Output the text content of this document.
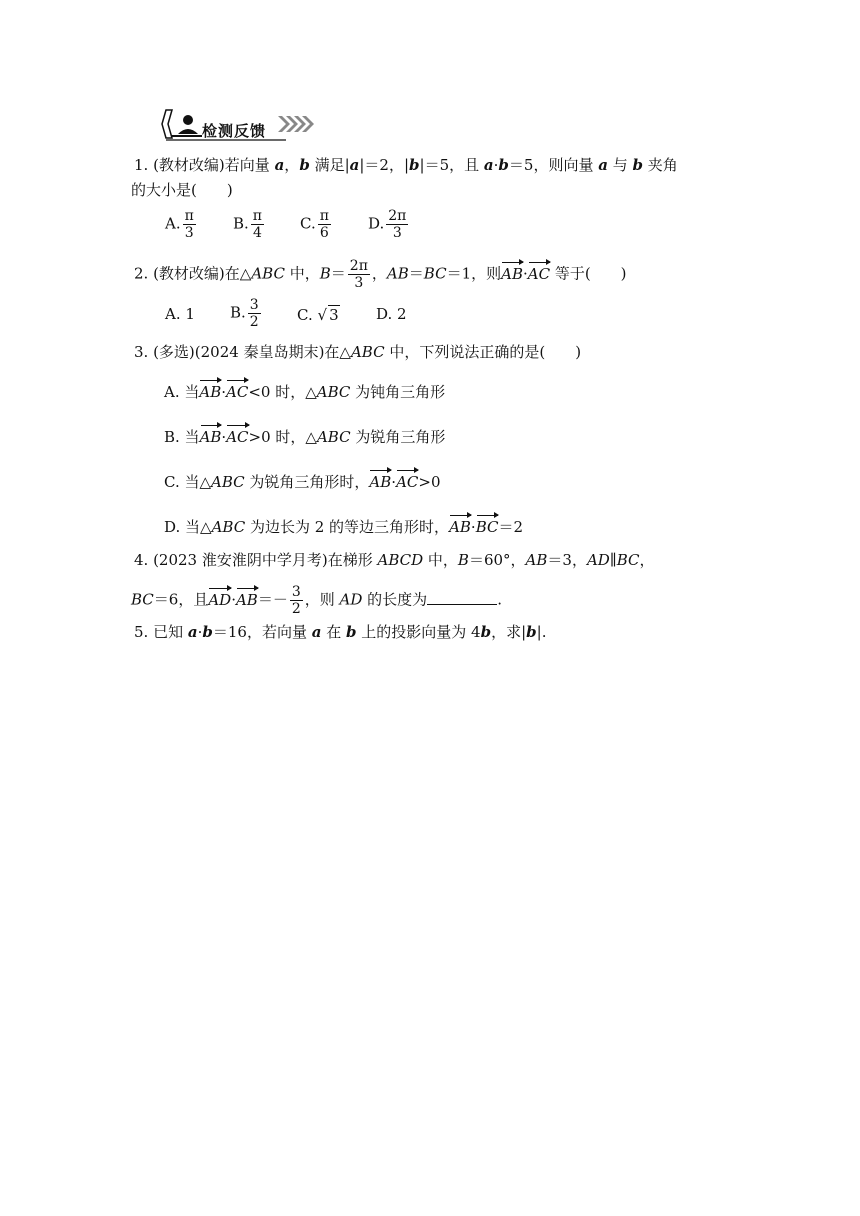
检测反馈
1. (教材改编)若向量 a，b 满足|a|＝2，|b|＝5，且 a·b＝5，则向量 a 与 b 夹角
的大小是(　　)
A. $\frac{\pi}{3} B$. $\frac{\pi}{4} C$. $\frac{\pi}{6} D$. $\frac{2\pi}{3}$
2. (教材改编)在△ABC 中，$B= \frac{2\pi}{3}$ ，AB＝BC＝1，则AB·AC 等于(　　)
A. 1 B. $\frac{3}{2} C$. √ 3 D. 2
3. (多选)(2024 秦皇岛期末)在△ABC 中，下列说法正确的是(　　)
A. 当AB·AC<0 时，△ABC 为钝角三角形
B. 当AB·AC>0 时，△ABC 为锐角三角形
C. 当△ABC 为锐角三角形时，AB·AC>0
D. 当△ABC 为边长为 2 的等边三角形时，AB·BC＝2
4. (2023 淮安淮阴中学月考)在梯形 ABCD 中，B＝60°，AB＝3，AD∥BC，
BC＝6，且$AD\cdot AB=- \frac{3}{2}$ ，则 AD 的长度为	.
5. 已知 a·b＝16，若向量 a 在 b 上的投影向量为 4b，求|b|.
